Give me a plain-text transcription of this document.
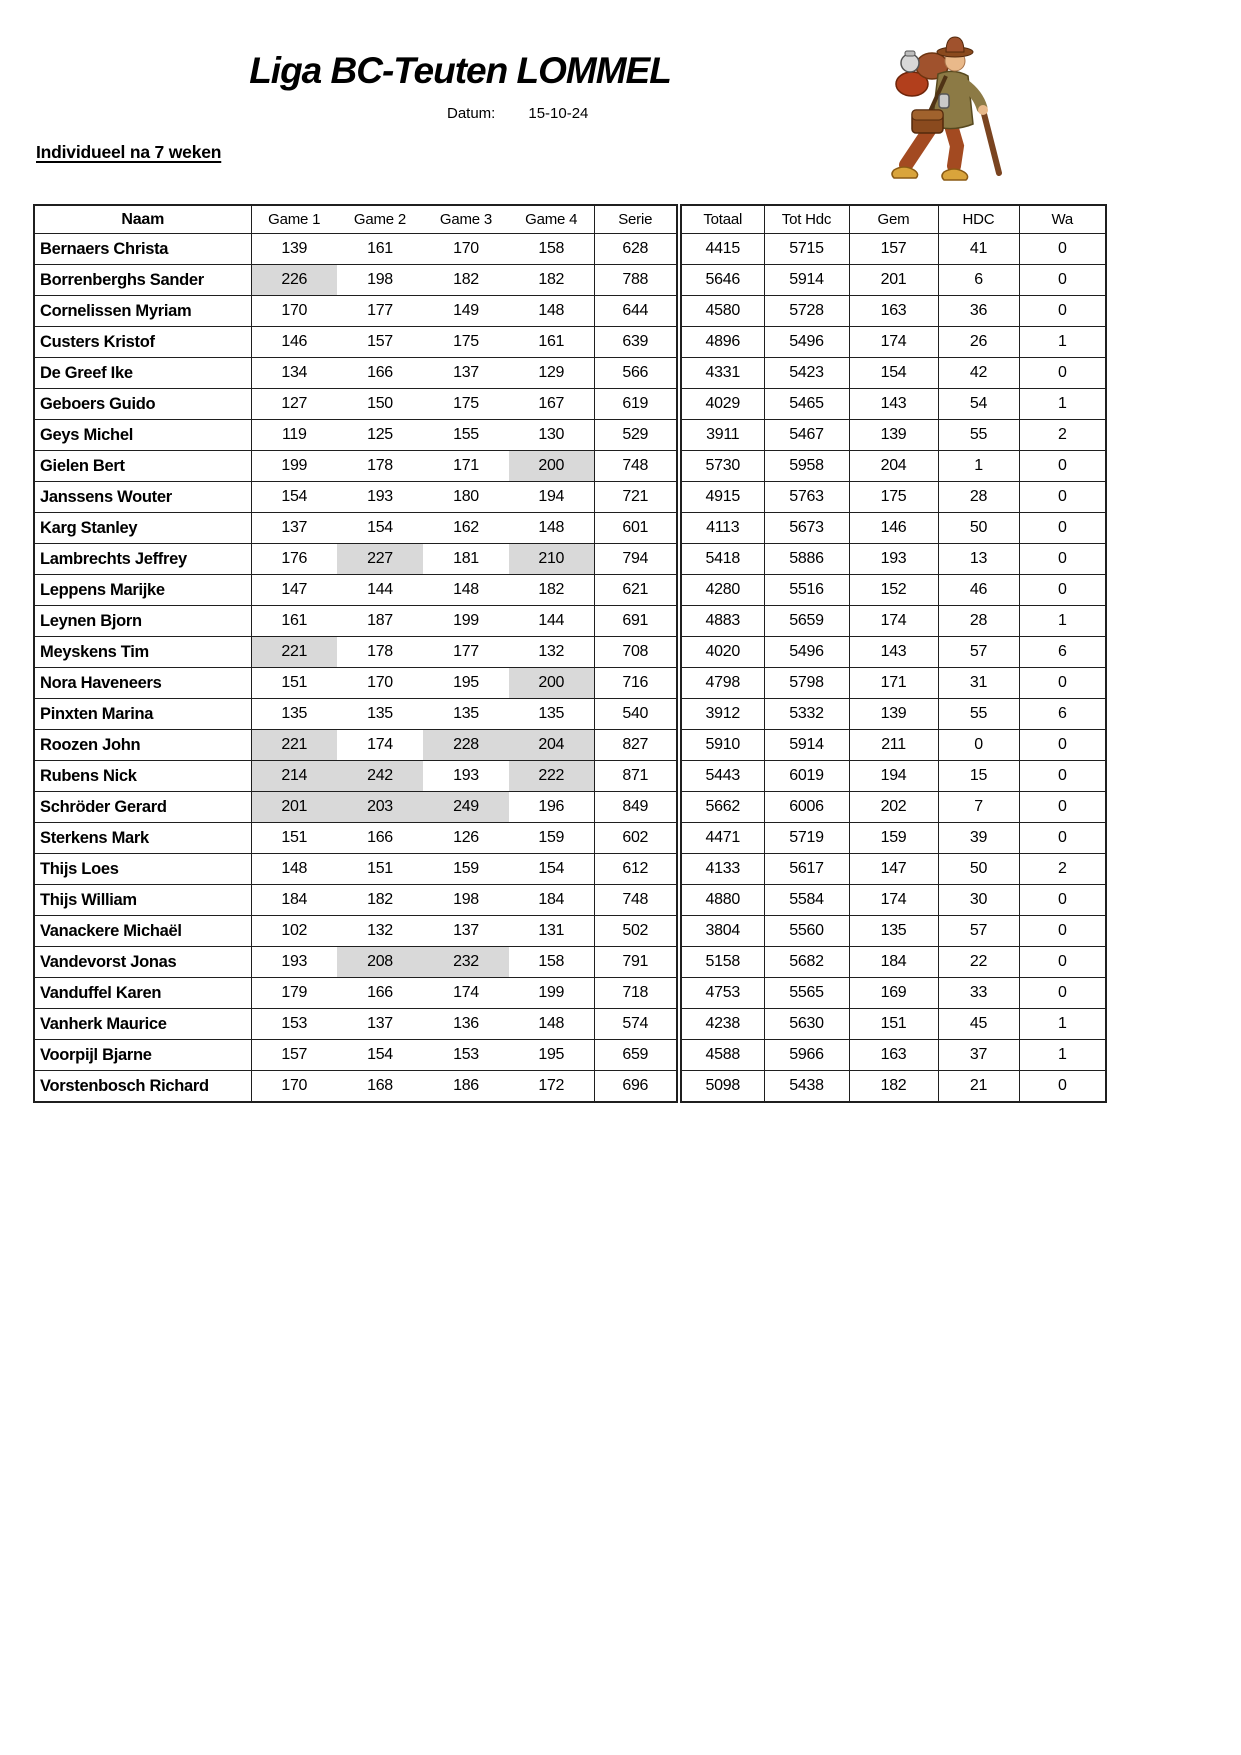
Liga BC-Teuten LOMMEL
Datum: 15-10-24
Individueel na 7 weken
Naam	Game 1	Game 2	Game 3	Game 4	Serie	Totaal	Tot Hdc	Gem	HDC	Wa
Bernaers Christa	139	161	170	158	628	4415	5715	157	41	0
Borrenberghs Sander	226	198	182	182	788	5646	5914	201	6	0
Cornelissen Myriam	170	177	149	148	644	4580	5728	163	36	0
Custers Kristof	146	157	175	161	639	4896	5496	174	26	1
De Greef Ike	134	166	137	129	566	4331	5423	154	42	0
Geboers Guido	127	150	175	167	619	4029	5465	143	54	1
Geys Michel	119	125	155	130	529	3911	5467	139	55	2
Gielen Bert	199	178	171	200	748	5730	5958	204	1	0
Janssens Wouter	154	193	180	194	721	4915	5763	175	28	0
Karg Stanley	137	154	162	148	601	4113	5673	146	50	0
Lambrechts Jeffrey	176	227	181	210	794	5418	5886	193	13	0
Leppens Marijke	147	144	148	182	621	4280	5516	152	46	0
Leynen Bjorn	161	187	199	144	691	4883	5659	174	28	1
Meyskens Tim	221	178	177	132	708	4020	5496	143	57	6
Nora Haveneers	151	170	195	200	716	4798	5798	171	31	0
Pinxten Marina	135	135	135	135	540	3912	5332	139	55	6
Roozen John	221	174	228	204	827	5910	5914	211	0	0
Rubens Nick	214	242	193	222	871	5443	6019	194	15	0
Schröder Gerard	201	203	249	196	849	5662	6006	202	7	0
Sterkens Mark	151	166	126	159	602	4471	5719	159	39	0
Thijs Loes	148	151	159	154	612	4133	5617	147	50	2
Thijs William	184	182	198	184	748	4880	5584	174	30	0
Vanackere Michaël	102	132	137	131	502	3804	5560	135	57	0
Vandevorst Jonas	193	208	232	158	791	5158	5682	184	22	0
Vanduffel Karen	179	166	174	199	718	4753	5565	169	33	0
Vanherk Maurice	153	137	136	148	574	4238	5630	151	45	1
Voorpijl Bjarne	157	154	153	195	659	4588	5966	163	37	1
Vorstenbosch Richard	170	168	186	172	696	5098	5438	182	21	0
